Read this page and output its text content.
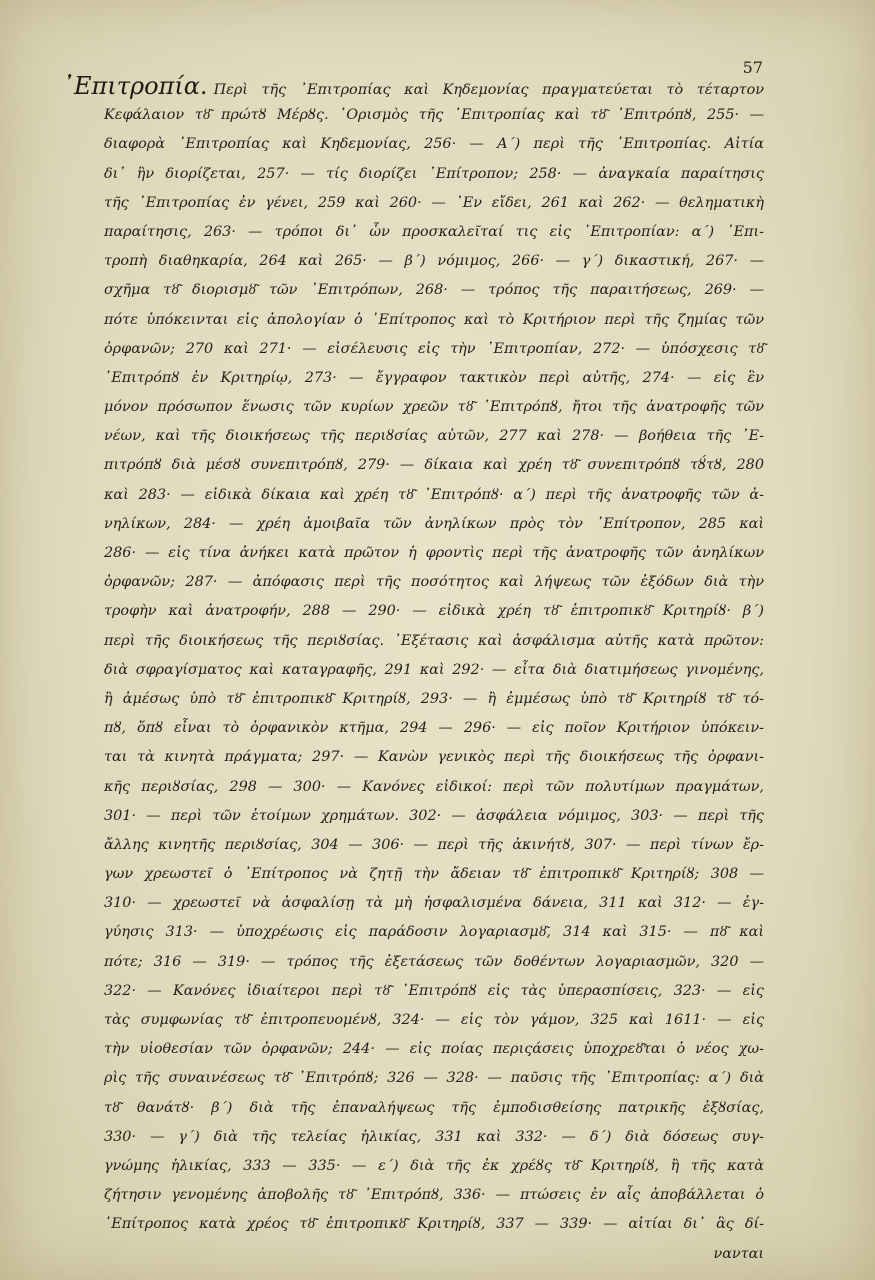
57
᾿Επιτροπία. Περὶ τῆς ᾿Επιτροπίας καὶ Κηδεμονίας πραγματεύεται τὸ τέταρτον
Κεφάλαιον τȣ͂ πρώτȣ Μέρȣς. ῾Ορισμὸς τῆς ᾿Επιτροπίας καὶ τȣ͂ ᾿Επιτρόπȣ, 255· —
διαφορὰ ᾿Επιτροπίας καὶ Κηδεμονίας, 256· — Α΄) περὶ τῆς ᾿Επιτροπίας. Αἰτία
δι᾿ ἣν διορίζεται, 257· — τίς διορίζει ᾿Επίτροπον; 258· — ἀναγκαία παραίτησις
τῆς ᾿Επιτροπίας ἐν γένει, 259 καὶ 260· — ᾿Εν εἴδει, 261 καὶ 262· — θεληματικὴ
παραίτησις, 263· — τρόποι δι᾿ ὧν προσκαλεῖταί τις εἰς ᾿Επιτροπίαν: α΄) ᾿Επι-
τροπὴ διαθηκαρία, 264 καὶ 265· — β΄) νόμιμος, 266· — γ΄) δικαστική, 267· —
σχῆμα τȣ͂ διορισμȣ͂ τῶν ᾿Επιτρόπων, 268· — τρόπος τῆς παραιτήσεως, 269· —
πότε ὑπόκεινται εἰς ἀπολογίαν ὁ ᾿Επίτροπος καὶ τὸ Κριτήριον περὶ τῆς ζημίας τῶν
ὀρφανῶν; 270 καὶ 271· — εἰσέλευσις εἰς τὴν ᾿Επιτροπίαν, 272· — ὑπόσχεσις τȣ͂
᾿Επιτρόπȣ ἐν Κριτηρίῳ, 273· — ἔγγραφον τακτικὸν περὶ αὐτῆς, 274· — εἰς ἓν
μόνον πρόσωπον ἕνωσις τῶν κυρίων χρεῶν τȣ͂ ᾿Επιτρόπȣ, ἤτοι τῆς ἀνατροφῆς τῶν
νέων, καὶ τῆς διοικήσεως τῆς περιȣσίας αὐτῶν, 277 καὶ 278· — βοήθεια τῆς ᾿Ε-
πιτρόπȣ διὰ μέσȣ συνεπιτρόπȣ, 279· — δίκαια καὶ χρέη τȣ͂ συνεπιτρόπȣ τȣ́τȣ, 280
καὶ 283· — εἰδικὰ δίκαια καὶ χρέη τȣ͂ ᾿Επιτρόπȣ· α΄) περὶ τῆς ἀνατροφῆς τῶν ἀ-
νηλίκων, 284· — χρέη ἀμοιβαῖα τῶν ἀνηλίκων πρὸς τὸν ᾿Επίτροπον, 285 καὶ
286· — εἰς τίνα ἀνήκει κατὰ πρῶτον ἡ φροντὶς περὶ τῆς ἀνατροφῆς τῶν ἀνηλίκων
ὀρφανῶν; 287· — ἀπόφασις περὶ τῆς ποσότητος καὶ λήψεως τῶν ἐξόδων διὰ τὴν
τροφὴν καὶ ἀνατροφήν, 288 — 290· — εἰδικὰ χρέη τȣ͂ ἐπιτροπικȣ͂ Κριτηρίȣ· β΄)
περὶ τῆς διοικήσεως τῆς περιȣσίας. ᾿Εξέτασις καὶ ἀσφάλισμα αὐτῆς κατὰ πρῶτον:
διὰ σφραγίσματος καὶ καταγραφῆς, 291 καὶ 292· — εἶτα διὰ διατιμήσεως γινομένης,
ἢ ἀμέσως ὑπὸ τȣ͂ ἐπιτροπικȣ͂ Κριτηρίȣ, 293· — ἢ ἐμμέσως ὑπὸ τȣ͂ Κριτηρίȣ τȣ͂ τό-
πȣ, ὅπȣ εἶναι τὸ ὀρφανικὸν κτῆμα, 294 — 296· — εἰς ποῖον Κριτήριον ὑπόκειν-
ται τὰ κινητὰ πράγματα; 297· — Κανὼν γενικὸς περὶ τῆς διοικήσεως τῆς ὀρφανι-
κῆς περιȣσίας, 298 — 300· — Κανόνες εἰδικοί: περὶ τῶν πολυτίμων πραγμάτων,
301· — περὶ τῶν ἑτοίμων χρημάτων. 302· — ἀσφάλεια νόμιμος, 303· — περὶ τῆς
ἄλλης κινητῆς περιȣσίας, 304 — 306· — περὶ τῆς ἀκινήτȣ, 307· — περὶ τίνων ἔρ-
γων χρεωστεῖ ὁ ᾿Επίτροπος νὰ ζητῇ τὴν ἄδειαν τȣ͂ ἐπιτροπικȣ͂ Κριτηρίȣ; 308 —
310· — χρεωστεῖ νὰ ἀσφαλίσῃ τὰ μὴ ἠσφαλισμένα δάνεια, 311 καὶ 312· — ἐγ-
γύησις 313· — ὑποχρέωσις εἰς παράδοσιν λογαριασμȣ͂, 314 καὶ 315· — πȣ͂ καὶ
πότε; 316 — 319· — τρόπος τῆς ἐξετάσεως τῶν δοθέντων λογαριασμῶν, 320 —
322· — Κανόνες ἰδιαίτεροι περὶ τȣ͂ ᾿Επιτρόπȣ εἰς τὰς ὑπερασπίσεις, 323· — εἰς
τὰς συμφωνίας τȣ͂ ἐπιτροπευομένȣ, 324· — εἰς τὸν γάμον, 325 καὶ 1611· — εἰς
τὴν υἱοθεσίαν τῶν ὀρφανῶν; 244· — εἰς ποίας περιςάσεις ὑποχρεȣ͂ται ὁ νέος χω-
ρὶς τῆς συναινέσεως τȣ͂ ᾿Επιτρόπȣ; 326 — 328· — παῦσις τῆς ᾿Επιτροπίας: α΄) διὰ
τȣ͂ θανάτȣ· β΄) διὰ τῆς ἐπαναλήψεως τῆς ἐμποδισθείσης πατρικῆς ἐξȣσίας,
330· — γ΄) διὰ τῆς τελείας ἡλικίας, 331 καὶ 332· — δ΄) διὰ δόσεως συγ-
γνώμης ἡλικίας, 333 — 335· — ε΄) διὰ τῆς ἐκ χρέȣς τȣ͂ Κριτηρίȣ, ἢ τῆς κατὰ
ζήτησιν γενομένης ἀποβολῆς τȣ͂ ᾿Επιτρόπȣ, 336· — πτώσεις ἐν αἷς ἀποβάλλεται ὁ
᾿Επίτροπος κατὰ χρέος τȣ͂ ἐπιτροπικȣ͂ Κριτηρίȣ, 337 — 339· — αἰτίαι δι᾿ ἃς δί-
νανται
